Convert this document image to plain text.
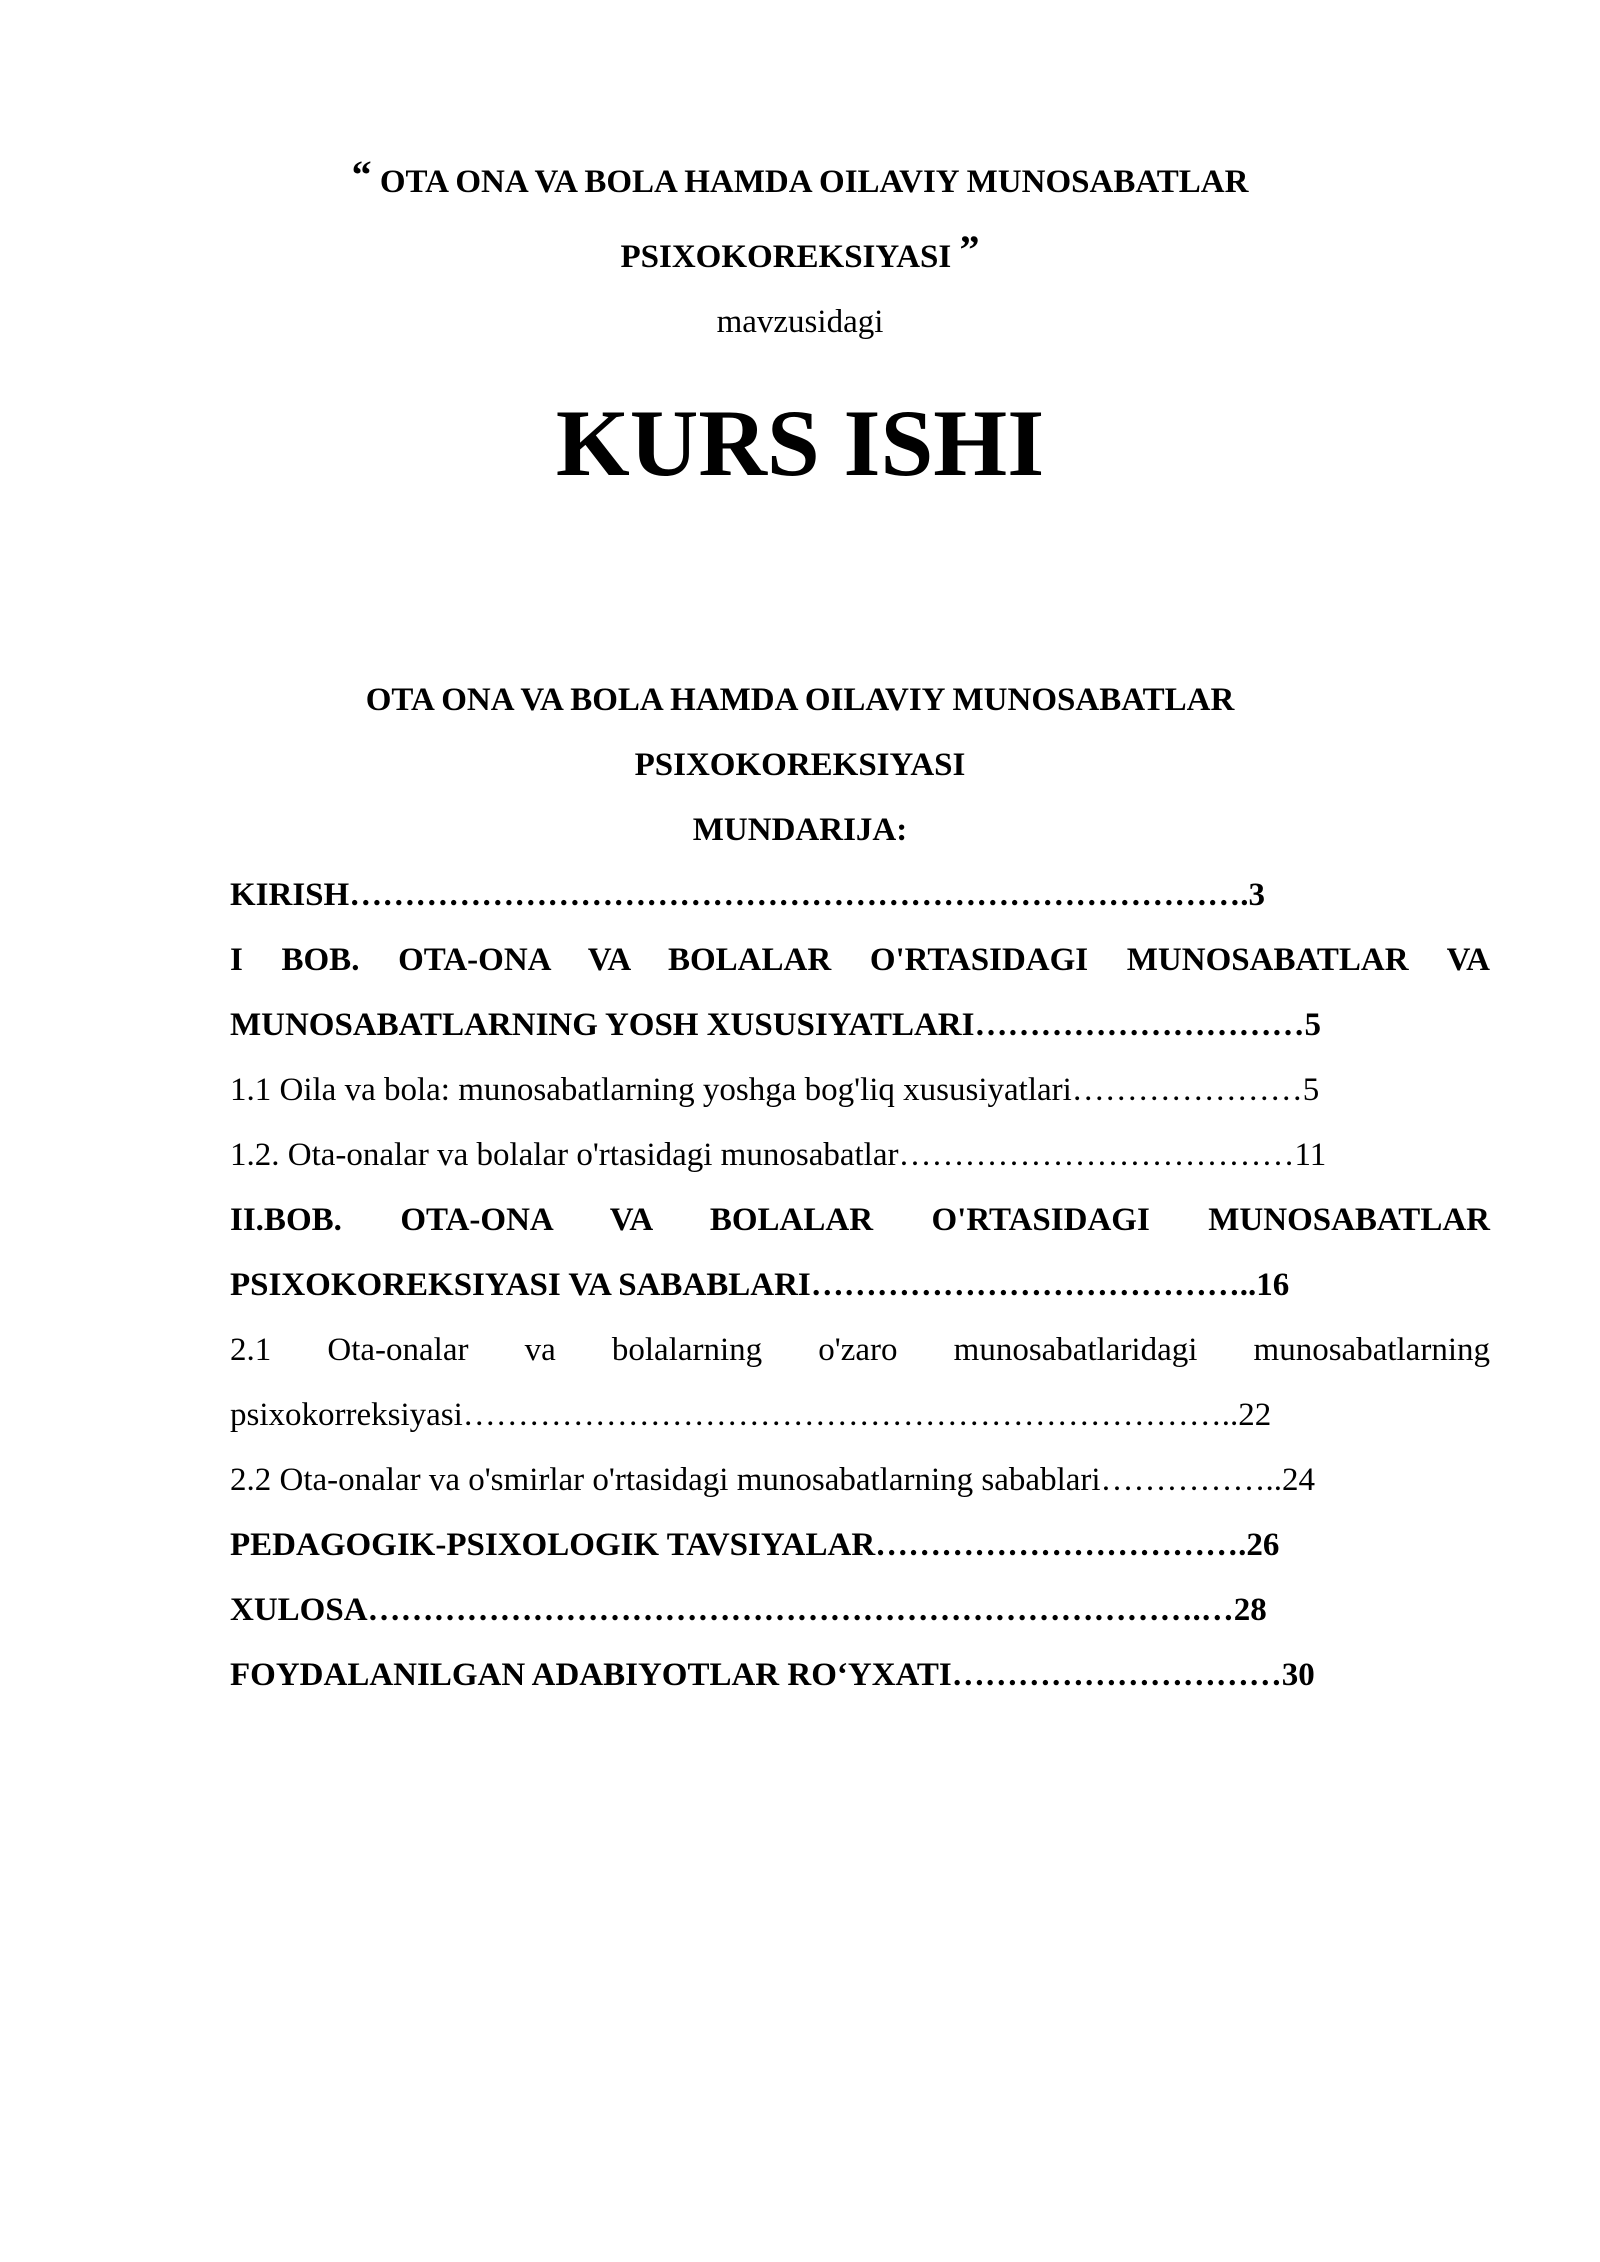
“ OTA ONA VA BOLA HAMDA OILAVIY MUNOSABATLAR
PSIXOKOREKSIYASI ”
mavzusidagi
KURS ISHI
OTA ONA VA BOLA HAMDA OILAVIY MUNOSABATLAR
PSIXOKOREKSIYASI
MUNDARIJA:
KIRISH……………………………………………………………………….3
I BOB. OTA-ONA VA BOLALAR O'RTASIDAGI MUNOSABATLAR VA
MUNOSABATLARNING YOSH XUSUSIYATLARI…………………………5
1.1 Oila va bola: munosabatlarning yoshga bog'liq xususiyatlari…………………5
1.2. Ota-onalar va bolalar o'rtasidagi munosabatlar………………………………11
II.BOB. OTA-ONA VA BOLALAR O'RTASIDAGI MUNOSABATLAR
PSIXOKOREKSIYASI VA SABABLARI…………………………………..16
2.1 Ota-onalar va bolalarning o'zaro munosabatlaridagi munosabatlarning
psixokorreksiyasi……………………………………………………………..22
2.2 Ota-onalar va o'smirlar o'rtasidagi munosabatlarning sabablari……………..24
PEDAGOGIK-PSIXOLOGIK TAVSIYALAR…………………………….26
XULOSA………………………………………………………………….…28
FOYDALANILGAN ADABIYOTLAR RO‘YXATI…………………………30
